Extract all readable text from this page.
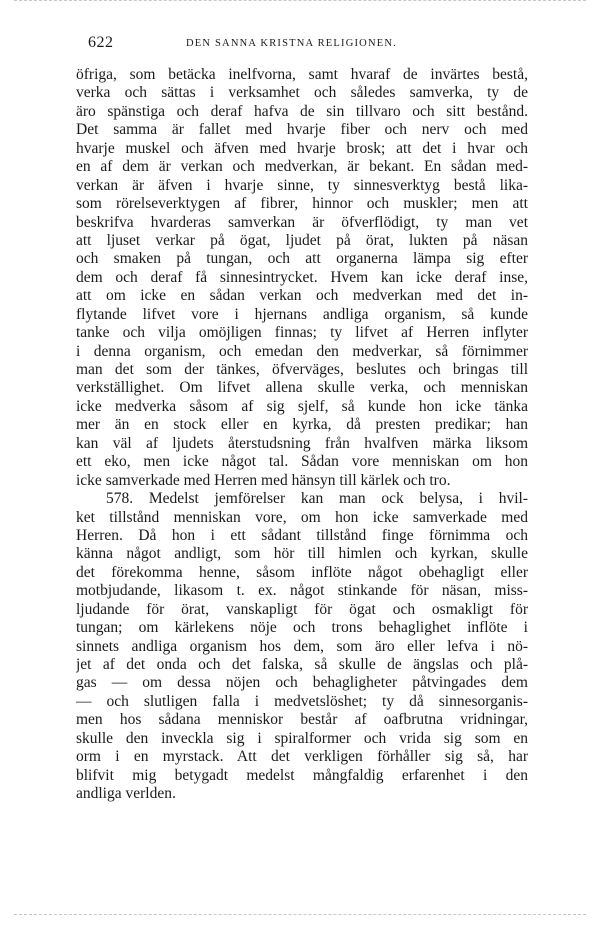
622	DEN SANNA KRISTNA RELIGIONEN.
öfriga, som betäcka inelfvorna, samt hvaraf de invärtes bestå,
verka och sättas i verksamhet och således samverka, ty de
äro spänstiga och deraf hafva de sin tillvaro och sitt bestånd.
Det samma är fallet med hvarje fiber och nerv och med
hvarje muskel och äfven med hvarje brosk; att det i hvar och
en af dem är verkan och medverkan, är bekant. En sådan med-
verkan är äfven i hvarje sinne, ty sinnesverktyg bestå lika-
som rörelseverktygen af fibrer, hinnor och muskler; men att
beskrifva hvarderas samverkan är öfverflödigt, ty man vet
att ljuset verkar på ögat, ljudet på örat, lukten på näsan
och smaken på tungan, och att organerna lämpa sig efter
dem och deraf få sinnesintrycket. Hvem kan icke deraf inse,
att om icke en sådan verkan och medverkan med det in-
flytande lifvet vore i hjernans andliga organism, så kunde
tanke och vilja omöjligen finnas; ty lifvet af Herren inflyter
i denna organism, och emedan den medverkar, så förnimmer
man det som der tänkes, öfverväges, beslutes och bringas till
verkställighet. Om lifvet allena skulle verka, och menniskan
icke medverka såsom af sig sjelf, så kunde hon icke tänka
mer än en stock eller en kyrka, då presten predikar; han
kan väl af ljudets återstudsning från hvalfven märka liksom
ett eko, men icke något tal. Sådan vore menniskan om hon
icke samverkade med Herren med hänsyn till kärlek och tro.
578. Medelst jemförelser kan man ock belysa, i hvil-
ket tillstånd menniskan vore, om hon icke samverkade med
Herren. Då hon i ett sådant tillstånd finge förnimma och
känna något andligt, som hör till himlen och kyrkan, skulle
det förekomma henne, såsom inflöte något obehagligt eller
motbjudande, likasom t. ex. något stinkande för näsan, miss-
ljudande för örat, vanskapligt för ögat och osmakligt för
tungan; om kärlekens nöje och trons behaglighet inflöte i
sinnets andliga organism hos dem, som äro eller lefva i nö-
jet af det onda och det falska, så skulle de ängslas och plå-
gas — om dessa nöjen och behagligheter påtvingades dem
— och slutligen falla i medvetslöshet; ty då sinnesorganis-
men hos sådana menniskor består af oafbrutna vridningar,
skulle den inveckla sig i spiralformer och vrida sig som en
orm i en myrstack. Att det verkligen förhåller sig så, har
blifvit mig betygadt medelst mångfaldig erfarenhet i den
andliga verlden.
